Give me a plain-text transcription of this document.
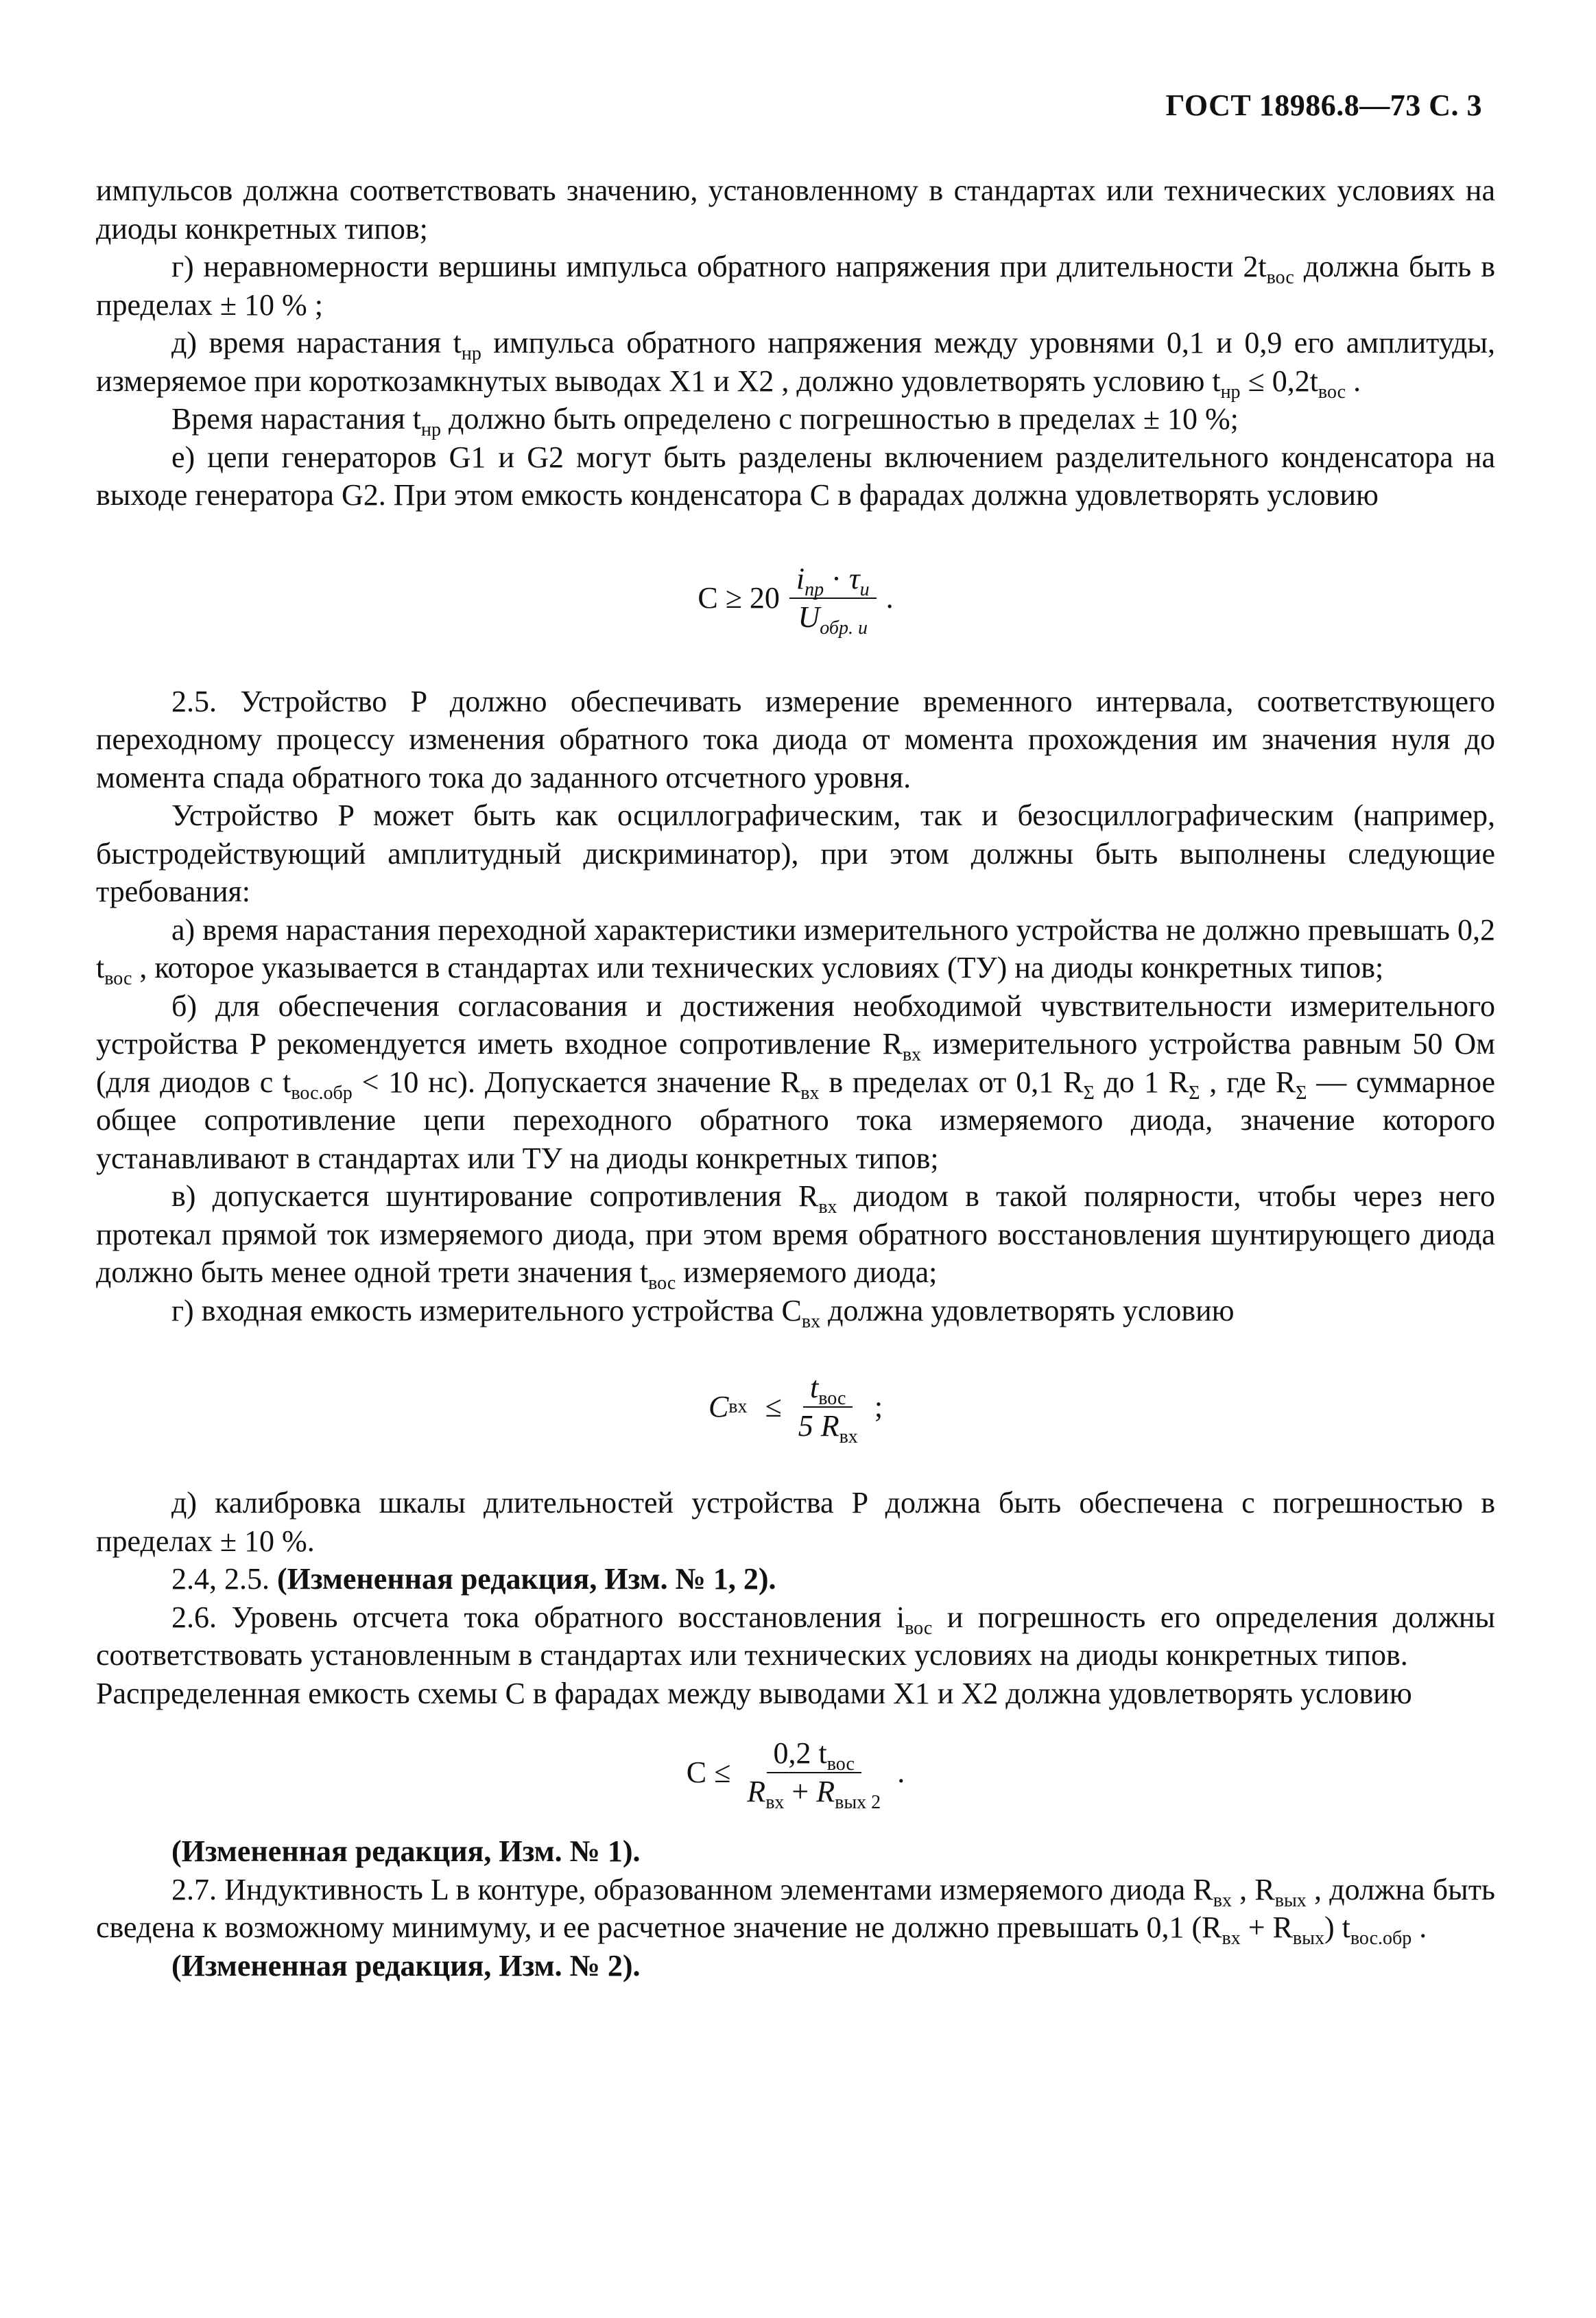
ГОСТ 18986.8—73 С. 3

импульсов должна соответствовать значению, установленному в стандартах или технических условиях на диоды конкретных типов;

г) неравномерности вершины импульса обратного напряжения при длительности $2t_{вос}$ должна быть в пределах ± 10 % ;

д) время нарастания $t_{нр}$ импульса обратного напряжения между уровнями 0,1 и 0,9 его амплитуды, измеряемое при короткозамкнутых выводах X1 и X2 , должно удовлетворять условию $t_{нр} \le 0,2t_{вос}$ .

Время нарастания $t_{нр}$ должно быть определено с погрешностью в пределах ± 10 %;

е) цепи генераторов G1 и G2 могут быть разделены включением разделительного конденсатора на выходе генератора G2. При этом емкость конденсатора C в фарадах должна удовлетворять условию

$C \ge 20 \frac{i_{пр} \cdot \tau_и}{U_{обр. и}}$ .

2.5. Устройство P должно обеспечивать измерение временного интервала, соответствующего переходному процессу изменения обратного тока диода от момента прохождения им значения нуля до момента спада обратного тока до заданного отсчетного уровня.

Устройство P может быть как осциллографическим, так и безосциллографическим (например, быстродействующий амплитудный дискриминатор), при этом должны быть выполнены следующие требования:

а) время нарастания переходной характеристики измерительного устройства не должно превышать 0,2 $t_{вос}$ , которое указывается в стандартах или технических условиях (ТУ) на диоды конкретных типов;

б) для обеспечения согласования и достижения необходимой чувствительности измерительного устройства P рекомендуется иметь входное сопротивление $R_{вх}$ измерительного устройства равным 50 Ом (для диодов с $t_{вос.обр} < 10$ нс). Допускается значение $R_{вх}$ в пределах от 0,1 $R_\Sigma$ до 1 $R_\Sigma$ , где $R_\Sigma$ — суммарное общее сопротивление цепи переходного обратного тока измеряемого диода, значение которого устанавливают в стандартах или ТУ на диоды конкретных типов;

в) допускается шунтирование сопротивления $R_{вх}$ диодом в такой полярности, чтобы через него протекал прямой ток измеряемого диода, при этом время обратного восстановления шунтирующего диода должно быть менее одной трети значения $t_{вос}$ измеряемого диода;

г) входная емкость измерительного устройства $C_{вх}$ должна удовлетворять условию

C вх ≤ $\frac{t_{вос}}{5 R_{вх}}$ ;

д) калибровка шкалы длительностей устройства P должна быть обеспечена с погрешностью в пределах ± 10 %.

2.4, 2.5. (Измененная редакция, Изм. № 1, 2).

2.6. Уровень отсчета тока обратного восстановления $i_{вос}$ и погрешность его определения должны соответствовать установленным в стандартах или технических условиях на диоды конкретных типов.

Распределенная емкость схемы C в фарадах между выводами X1 и X2 должна удовлетворять условию

$C \le \frac{0,2 t_{вос}}{R_{вх} + R_{вых 2}}$ .

(Измененная редакция, Изм. № 1).

2.7. Индуктивность L в контуре, образованном элементами измеряемого диода $R_{вх}$ , $R_{вых}$ , должна быть сведена к возможному минимуму, и ее расчетное значение не должно превышать 0,1 $(R_{вх} + R_{вых})$ $t_{вос.обр}$ .

(Измененная редакция, Изм. № 2).
